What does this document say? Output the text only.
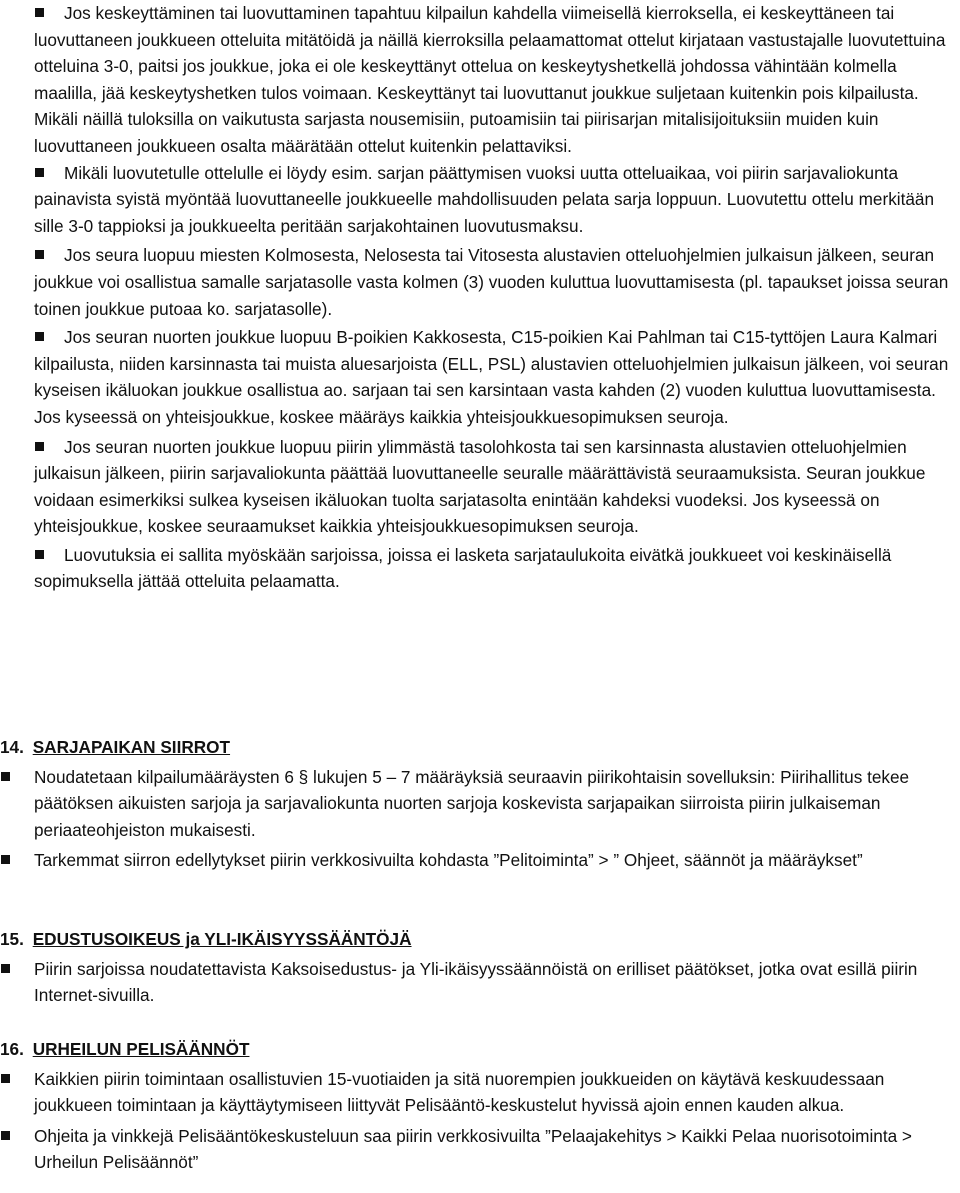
Jos keskeyttäminen tai luovuttaminen tapahtuu kilpailun kahdella viimeisellä kierroksella, ei keskeyttäneen tai luovuttaneen joukkueen otteluita mitätöidä ja näillä kierroksilla pelaamattomat ottelut kirjataan vastustajalle luovutettuina otteluina 3-0, paitsi jos joukkue, joka ei ole keskeyttänyt ottelua on keskeytyshetkellä johdossa vähintään kolmella maalilla, jää keskeytyshetken tulos voimaan. Keskeyttänyt tai luovuttanut joukkue suljetaan kuitenkin pois kilpailusta. Mikäli näillä tuloksilla on vaikutusta sarjasta nousemisiin, putoamisiin tai piirisarjan mitalisijoituksiin muiden kuin luovuttaneen joukkueen osalta määrätään ottelut kuitenkin pelattaviksi.

Mikäli luovutetulle ottelulle ei löydy esim. sarjan päättymisen vuoksi uutta otteluaikaa, voi piirin sarjavaliokunta painavista syistä myöntää luovuttaneelle joukkueelle mahdollisuuden pelata sarja loppuun. Luovutettu ottelu merkitään sille 3-0 tappioksi ja joukkueelta peritään sarjakohtainen luovutusmaksu.

Jos seura luopuu miesten Kolmosesta, Nelosesta tai Vitosesta alustavien otteluohjelmien julkaisun jälkeen, seuran joukkue voi osallistua samalle sarjatasolle vasta kolmen (3) vuoden kuluttua luovuttamisesta (pl. tapaukset joissa seuran toinen joukkue putoaa ko. sarjatasolle).

Jos seuran nuorten joukkue luopuu B-poikien Kakkosesta, C15-poikien Kai Pahlman tai C15-tyttöjen Laura Kalmari kilpailusta, niiden karsinnasta tai muista aluesarjoista (ELL, PSL) alustavien otteluohjelmien julkaisun jälkeen, voi seuran kyseisen ikäluokan joukkue osallistua ao. sarjaan tai sen karsintaan vasta kahden (2) vuoden kuluttua luovuttamisesta. Jos kyseessä on yhteisjoukkue, koskee määräys kaikkia yhteisjoukkuesopimuksen seuroja.

Jos seuran nuorten joukkue luopuu piirin ylimmästä tasolohkosta tai sen karsinnasta alustavien otteluohjelmien julkaisun jälkeen, piirin sarjavaliokunta päättää luovuttaneelle seuralle määrättävistä seuraamuksista. Seuran joukkue voidaan esimerkiksi sulkea kyseisen ikäluokan tuolta sarjatasolta enintään kahdeksi vuodeksi. Jos kyseessä on yhteisjoukkue, koskee seuraamukset kaikkia yhteisjoukkuesopimuksen seuroja.

Luovutuksia ei sallita myöskään sarjoissa, joissa ei lasketa sarjataulukoita eivätkä joukkueet voi keskinäisellä sopimuksella jättää otteluita pelaamatta.

14. SARJAPAIKAN SIIRROT

Noudatetaan kilpailumääräysten 6 § lukujen 5 – 7 määräyksiä seuraavin piirikohtaisin sovelluksin: Piirihallitus tekee päätöksen aikuisten sarjoja ja sarjavaliokunta nuorten sarjoja koskevista sarjapaikan siirroista piirin julkaiseman periaateohjeiston mukaisesti.

Tarkemmat siirron edellytykset piirin verkkosivuilta kohdasta ”Pelitoiminta” > ” Ohjeet, säännöt ja määräykset”

15. EDUSTUSOIKEUS ja YLI-IKÄISYYSSÄÄNTÖJÄ

Piirin sarjoissa noudatettavista Kaksoisedustus- ja Yli-ikäisyyssäännöistä on erilliset päätökset, jotka ovat esillä piirin Internet-sivuilla.

16. URHEILUN PELISÄÄNNÖT

Kaikkien piirin toimintaan osallistuvien 15-vuotiaiden ja sitä nuorempien joukkueiden on käytävä keskuudessaan joukkueen toimintaan ja käyttäytymiseen liittyvät Pelisääntö-keskustelut hyvissä ajoin ennen kauden alkua.

Ohjeita ja vinkkejä Pelisääntökeskusteluun saa piirin verkkosivuilta ”Pelaajakehitys > Kaikki Pelaa nuorisotoiminta > Urheilun Pelisäännöt”
